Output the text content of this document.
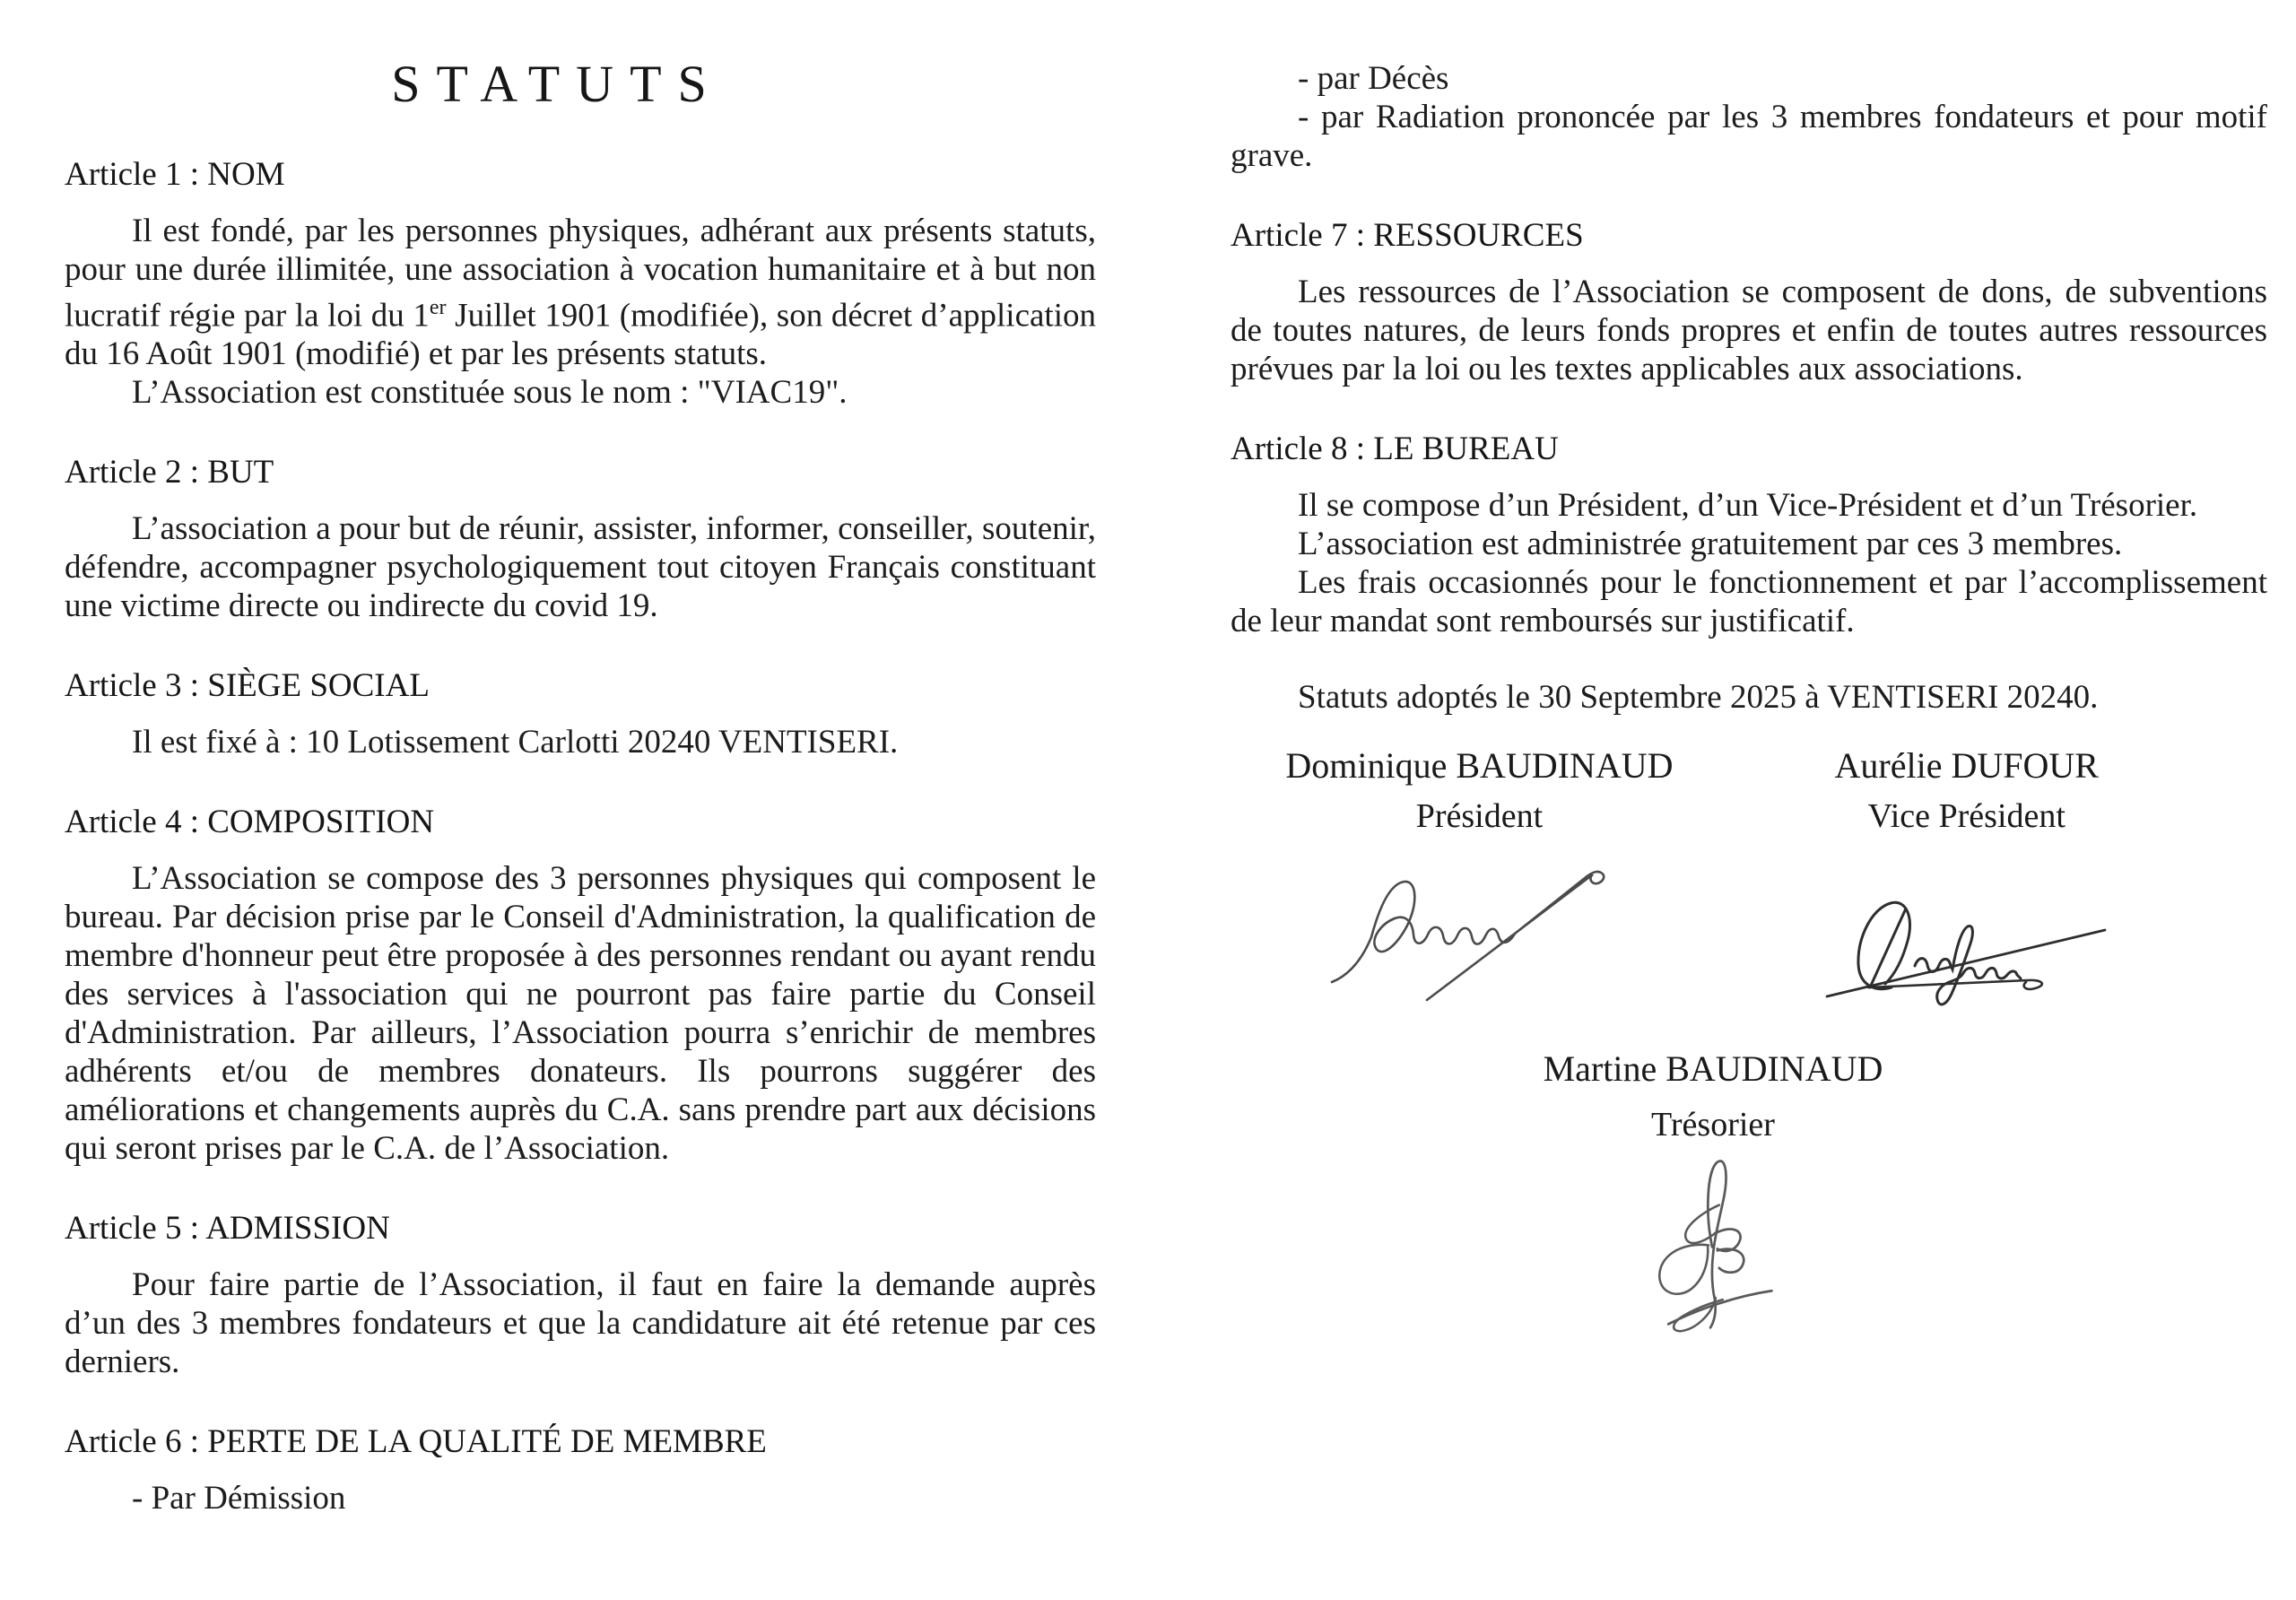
STATUTS
Article 1 : NOM

Il est fondé, par les personnes physiques, adhérant aux présents statuts, pour une durée illimitée, une association à vocation humanitaire et à but non lucratif régie par la loi du 1er Juillet 1901 (modifiée), son décret d’application du 16 Août 1901 (modifié) et par les présents statuts.

L’Association est constituée sous le nom : "VIAC19".

Article 2 : BUT

L’association a pour but de réunir, assister, informer, conseiller, soutenir, défendre, accompagner psychologiquement tout citoyen Français constituant une victime directe ou indirecte du covid 19.

Article 3 : SIÈGE SOCIAL

Il est fixé à : 10 Lotissement Carlotti 20240 VENTISERI.

Article 4 : COMPOSITION

L’Association se compose des 3 personnes physiques qui composent le bureau. Par décision prise par le Conseil d'Administration, la qualification de membre d'honneur peut être proposée à des personnes rendant ou ayant rendu des services à l'association qui ne pourront pas faire partie du Conseil d'Administration. Par ailleurs, l’Association pourra s’enrichir de membres adhérents et/ou de membres donateurs. Ils pourrons suggérer des améliorations et changements auprès du C.A. sans prendre part aux décisions qui seront prises par le C.A. de l’Association.

Article 5 : ADMISSION

Pour faire partie de l’Association, il faut en faire la demande auprès d’un des 3 membres fondateurs et que la candidature ait été retenue par ces derniers.

Article 6 : PERTE DE LA QUALITÉ DE MEMBRE

- Par Démission

- par Décès

- par Radiation prononcée par les 3 membres fondateurs et pour motif grave.

Article 7 : RESSOURCES

Les ressources de l’Association se composent de dons, de subventions de toutes natures, de leurs fonds propres et enfin de toutes autres ressources prévues par la loi ou les textes applicables aux associations.

Article 8 : LE BUREAU

Il se compose d’un Président, d’un Vice-Président et d’un Trésorier.

L’association est administrée gratuitement par ces 3 membres.

Les frais occasionnés pour le fonctionnement et par l’accomplissement de leur mandat sont remboursés sur justificatif.

Statuts adoptés le 30 Septembre 2025 à VENTISERI 20240.

Dominique BAUDINAUD
Président
Aurélie DUFOUR
Vice Président
Martine BAUDINAUD
Trésorier
